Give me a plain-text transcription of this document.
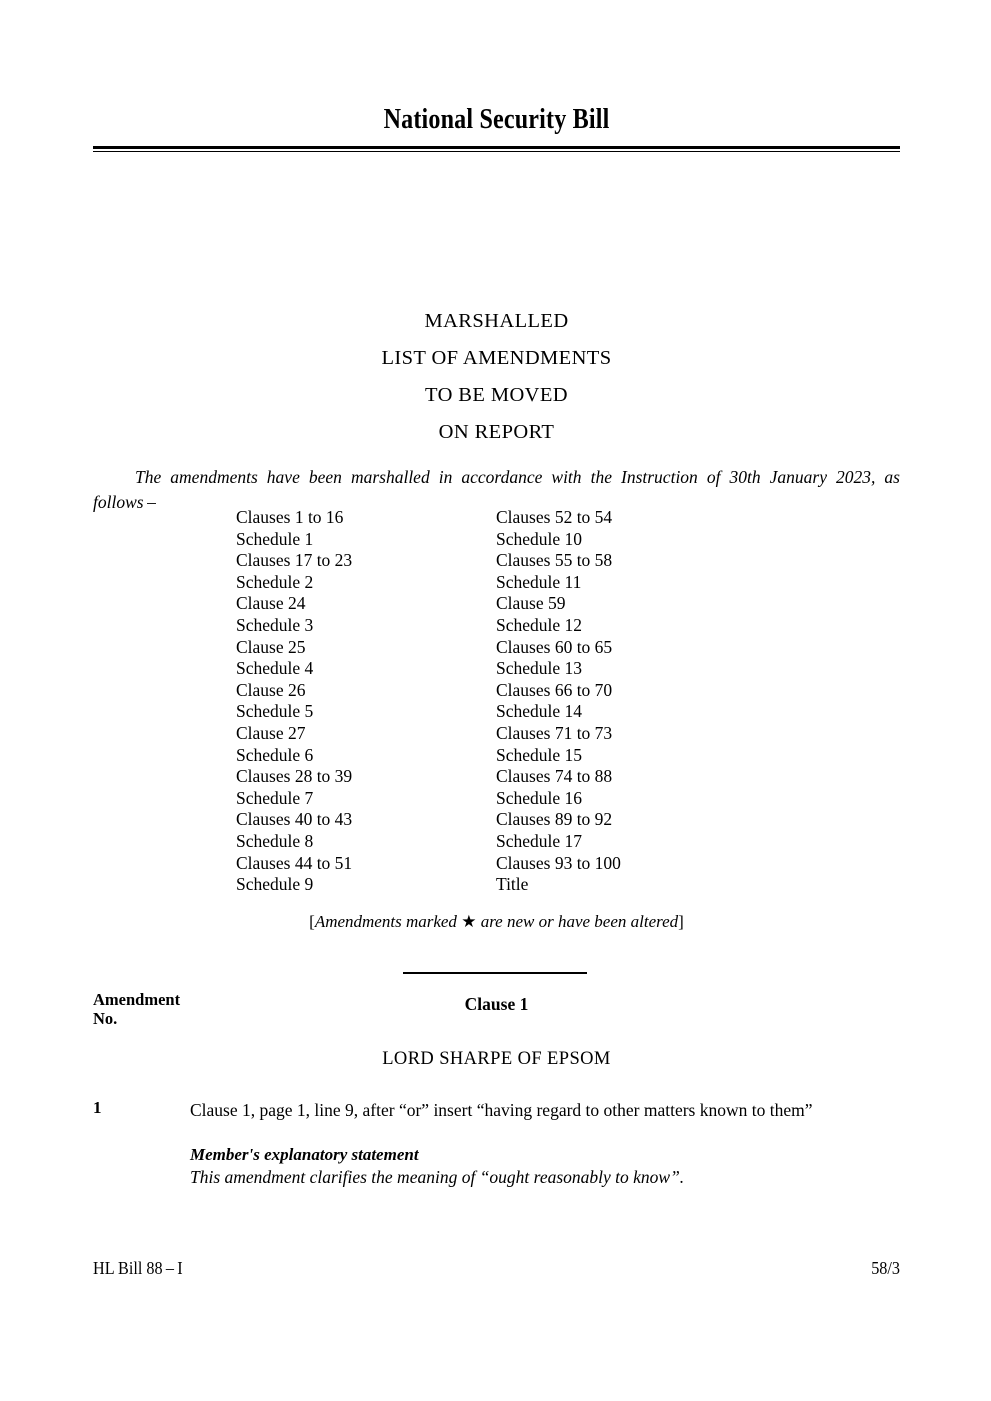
National Security Bill
MARSHALLED
LIST OF AMENDMENTS
TO BE MOVED
ON REPORT
The amendments have been marshalled in accordance with the Instruction of 30th January 2023, as follows –
Clauses 1 to 16
Schedule 1
Clauses 17 to 23
Schedule 2
Clause 24
Schedule 3
Clause 25
Schedule 4
Clause 26
Schedule 5
Clause 27
Schedule 6
Clauses 28 to 39
Schedule 7
Clauses 40 to 43
Schedule 8
Clauses 44 to 51
Schedule 9
Clauses 52 to 54
Schedule 10
Clauses 55 to 58
Schedule 11
Clause 59
Schedule 12
Clauses 60 to 65
Schedule 13
Clauses 66 to 70
Schedule 14
Clauses 71 to 73
Schedule 15
Clauses 74 to 88
Schedule 16
Clauses 89 to 92
Schedule 17
Clauses 93 to 100
Title
[Amendments marked ★ are new or have been altered]
Amendment
No.
Clause 1
LORD SHARPE OF EPSOM
1	Clause 1, page 1, line 9, after “or” insert “having regard to other matters known to them”
Member's explanatory statement
This amendment clarifies the meaning of “ought reasonably to know”.
HL Bill 88 – I	58/3
